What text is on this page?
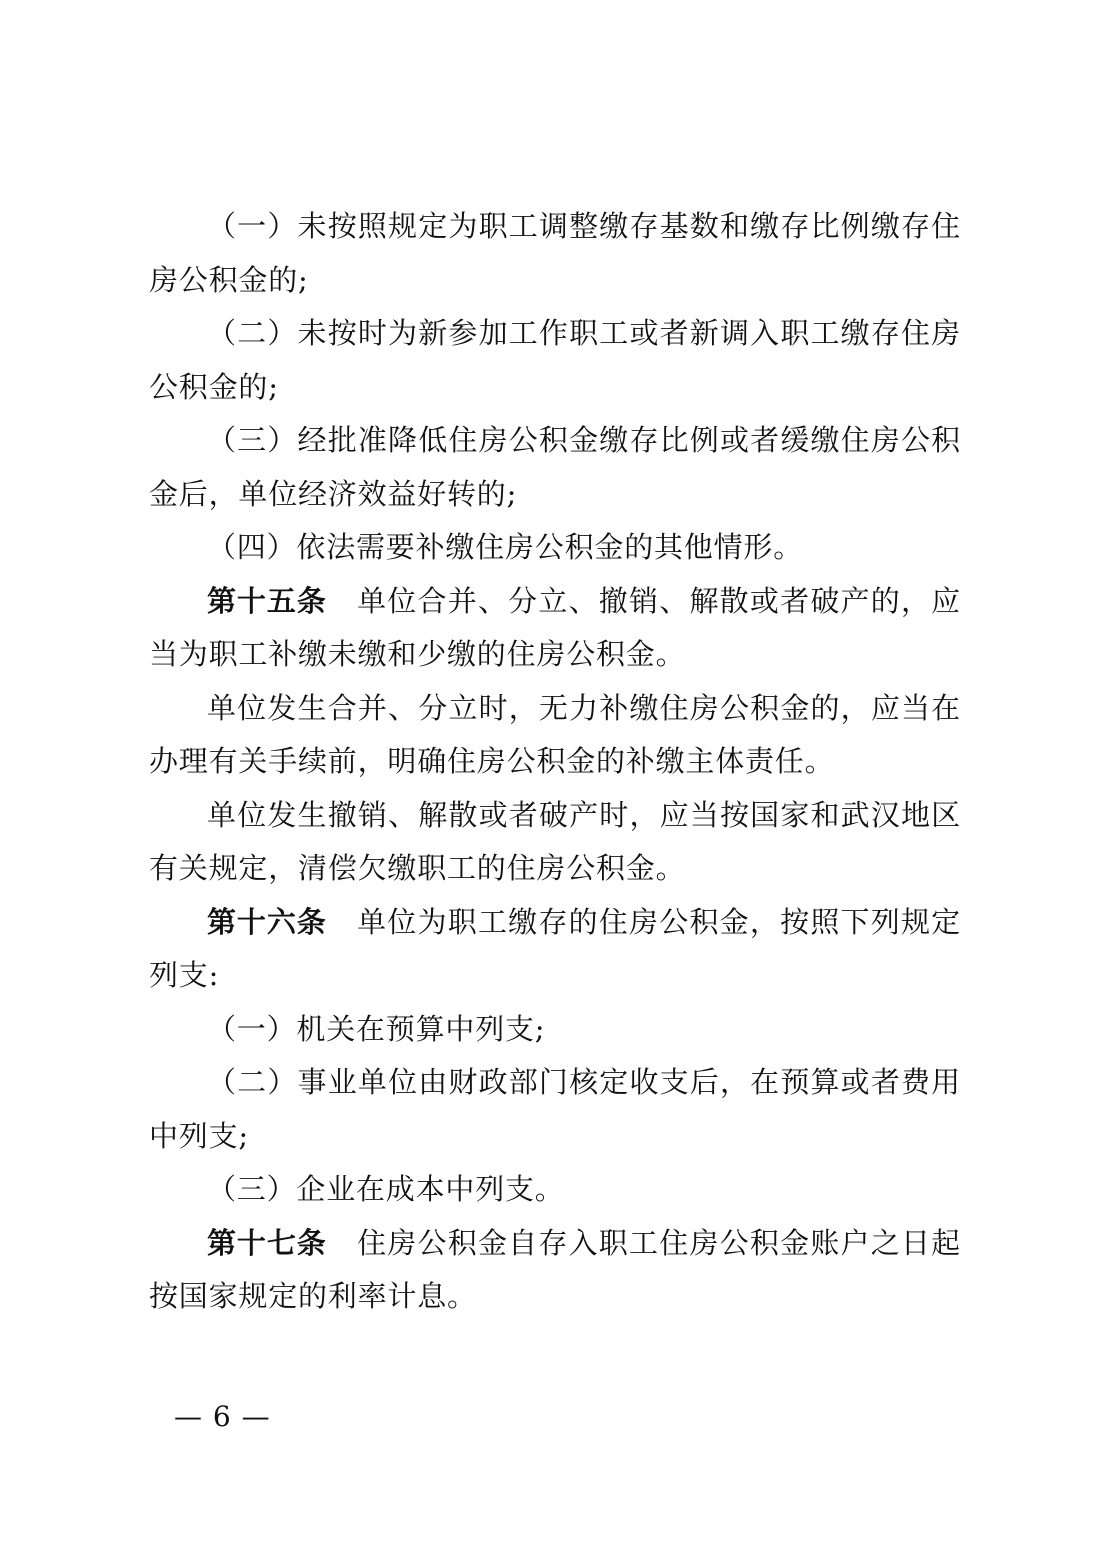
（一）未按照规定为职工调整缴存基数和缴存比例缴存住房公积金的;

（二）未按时为新参加工作职工或者新调入职工缴存住房公积金的;

（三）经批准降低住房公积金缴存比例或者缓缴住房公积金后，单位经济效益好转的;

（四）依法需要补缴住房公积金的其他情形。

第十五条 单位合并、分立、撤销、解散或者破产的，应当为职工补缴未缴和少缴的住房公积金。

单位发生合并、分立时，无力补缴住房公积金的，应当在办理有关手续前，明确住房公积金的补缴主体责任。

单位发生撤销、解散或者破产时，应当按国家和武汉地区有关规定，清偿欠缴职工的住房公积金。

第十六条 单位为职工缴存的住房公积金，按照下列规定列支:

（一）机关在预算中列支;

（二）事业单位由财政部门核定收支后，在预算或者费用中列支;

（三）企业在成本中列支。

第十七条 住房公积金自存入职工住房公积金账户之日起按国家规定的利率计息。

— 6 —
